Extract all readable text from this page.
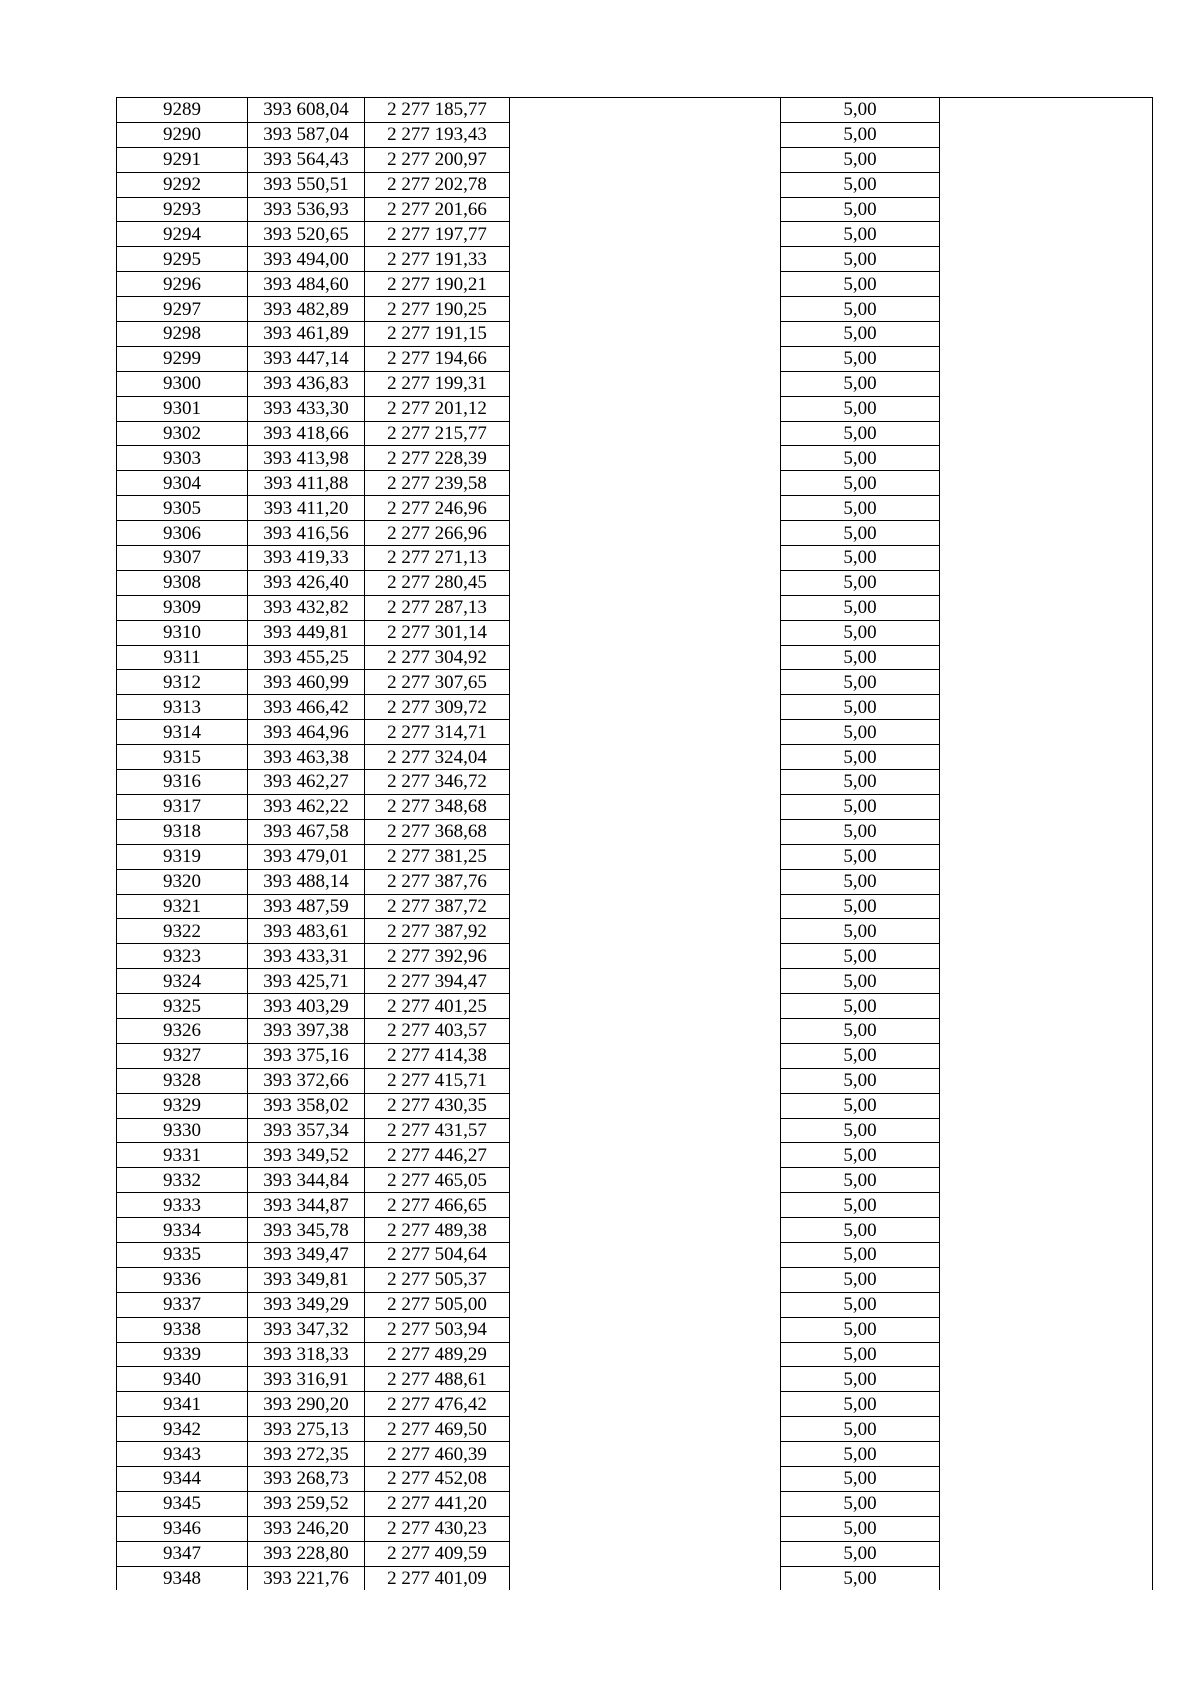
9289	393 608,04	2 277 185,77		5,00	
9290	393 587,04	2 277 193,43		5,00	
9291	393 564,43	2 277 200,97		5,00	
9292	393 550,51	2 277 202,78		5,00	
9293	393 536,93	2 277 201,66		5,00	
9294	393 520,65	2 277 197,77		5,00	
9295	393 494,00	2 277 191,33		5,00	
9296	393 484,60	2 277 190,21		5,00	
9297	393 482,89	2 277 190,25		5,00	
9298	393 461,89	2 277 191,15		5,00	
9299	393 447,14	2 277 194,66		5,00	
9300	393 436,83	2 277 199,31		5,00	
9301	393 433,30	2 277 201,12		5,00	
9302	393 418,66	2 277 215,77		5,00	
9303	393 413,98	2 277 228,39		5,00	
9304	393 411,88	2 277 239,58		5,00	
9305	393 411,20	2 277 246,96		5,00	
9306	393 416,56	2 277 266,96		5,00	
9307	393 419,33	2 277 271,13		5,00	
9308	393 426,40	2 277 280,45		5,00	
9309	393 432,82	2 277 287,13		5,00	
9310	393 449,81	2 277 301,14		5,00	
9311	393 455,25	2 277 304,92		5,00	
9312	393 460,99	2 277 307,65		5,00	
9313	393 466,42	2 277 309,72		5,00	
9314	393 464,96	2 277 314,71		5,00	
9315	393 463,38	2 277 324,04		5,00	
9316	393 462,27	2 277 346,72		5,00	
9317	393 462,22	2 277 348,68		5,00	
9318	393 467,58	2 277 368,68		5,00	
9319	393 479,01	2 277 381,25		5,00	
9320	393 488,14	2 277 387,76		5,00	
9321	393 487,59	2 277 387,72		5,00	
9322	393 483,61	2 277 387,92		5,00	
9323	393 433,31	2 277 392,96		5,00	
9324	393 425,71	2 277 394,47		5,00	
9325	393 403,29	2 277 401,25		5,00	
9326	393 397,38	2 277 403,57		5,00	
9327	393 375,16	2 277 414,38		5,00	
9328	393 372,66	2 277 415,71		5,00	
9329	393 358,02	2 277 430,35		5,00	
9330	393 357,34	2 277 431,57		5,00	
9331	393 349,52	2 277 446,27		5,00	
9332	393 344,84	2 277 465,05		5,00	
9333	393 344,87	2 277 466,65		5,00	
9334	393 345,78	2 277 489,38		5,00	
9335	393 349,47	2 277 504,64		5,00	
9336	393 349,81	2 277 505,37		5,00	
9337	393 349,29	2 277 505,00		5,00	
9338	393 347,32	2 277 503,94		5,00	
9339	393 318,33	2 277 489,29		5,00	
9340	393 316,91	2 277 488,61		5,00	
9341	393 290,20	2 277 476,42		5,00	
9342	393 275,13	2 277 469,50		5,00	
9343	393 272,35	2 277 460,39		5,00	
9344	393 268,73	2 277 452,08		5,00	
9345	393 259,52	2 277 441,20		5,00	
9346	393 246,20	2 277 430,23		5,00	
9347	393 228,80	2 277 409,59		5,00	
9348	393 221,76	2 277 401,09		5,00	
